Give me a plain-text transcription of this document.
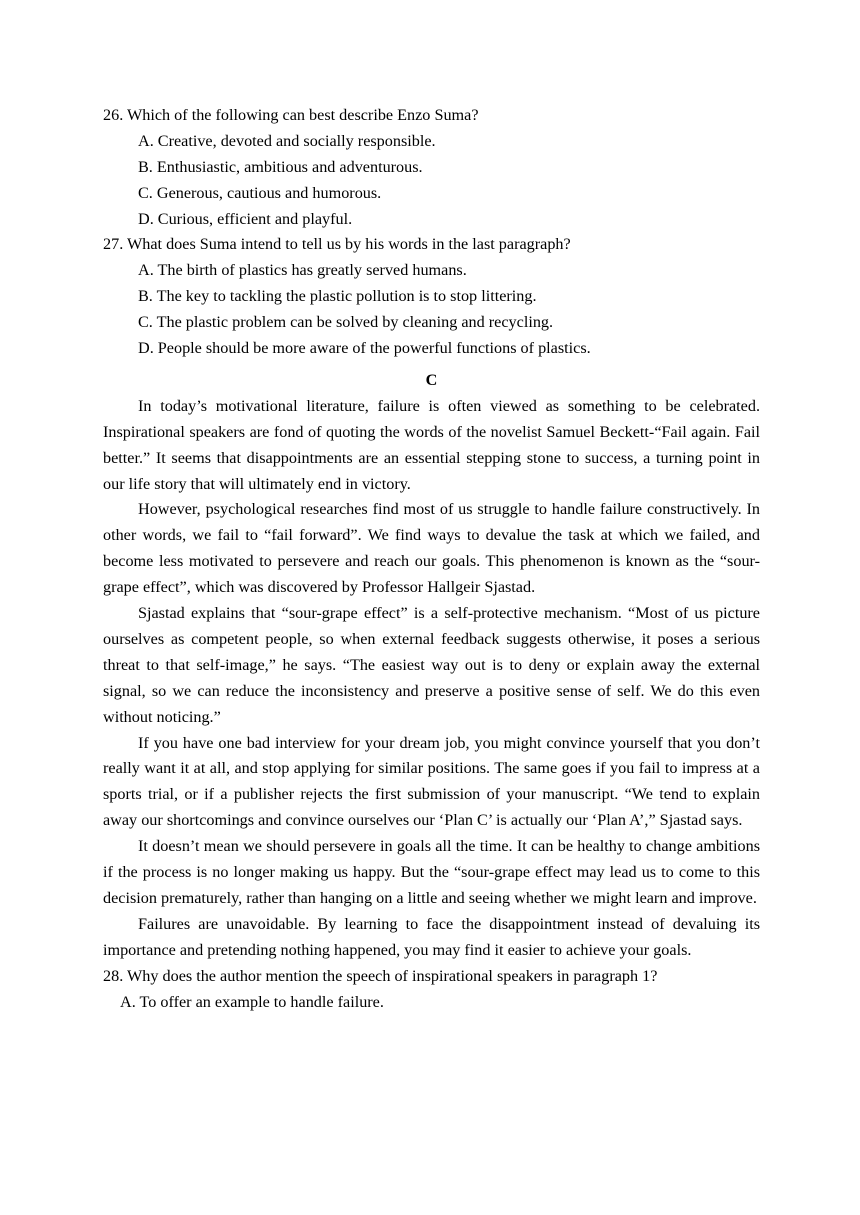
26. Which of the following can best describe Enzo Suma?
A. Creative, devoted and socially responsible.
B. Enthusiastic, ambitious and adventurous.
C. Generous, cautious and humorous.
D. Curious, efficient and playful.
27. What does Suma intend to tell us by his words in the last paragraph?
A. The birth of plastics has greatly served humans.
B. The key to tackling the plastic pollution is to stop littering.
C. The plastic problem can be solved by cleaning and recycling.
D. People should be more aware of the powerful functions of plastics.
C

In today’s motivational literature, failure is often viewed as something to be celebrated. Inspirational speakers are fond of quoting the words of the novelist Samuel Beckett-“Fail again. Fail better.” It seems that disappointments are an essential stepping stone to success, a turning point in our life story that will ultimately end in victory.

However, psychological researches find most of us struggle to handle failure constructively. In other words, we fail to “fail forward”. We find ways to devalue the task at which we failed, and become less motivated to persevere and reach our goals. This phenomenon is known as the “sour-grape effect”, which was discovered by Professor Hallgeir Sjastad.

Sjastad explains that “sour-grape effect” is a self-protective mechanism. “Most of us picture ourselves as competent people, so when external feedback suggests otherwise, it poses a serious threat to that self-image,” he says. “The easiest way out is to deny or explain away the external signal, so we can reduce the inconsistency and preserve a positive sense of self. We do this even without noticing.”

If you have one bad interview for your dream job, you might convince yourself that you don’t really want it at all, and stop applying for similar positions. The same goes if you fail to impress at a sports trial, or if a publisher rejects the first submission of your manuscript. “We tend to explain away our shortcomings and convince ourselves our ‘Plan C’ is actually our ‘Plan A’,” Sjastad says.

It doesn’t mean we should persevere in goals all the time. It can be healthy to change ambitions if the process is no longer making us happy. But the “sour-grape effect may lead us to come to this decision prematurely, rather than hanging on a little and seeing whether we might learn and improve.

Failures are unavoidable. By learning to face the disappointment instead of devaluing its importance and pretending nothing happened, you may find it easier to achieve your goals.

28. Why does the author mention the speech of inspirational speakers in paragraph 1?
A. To offer an example to handle failure.
